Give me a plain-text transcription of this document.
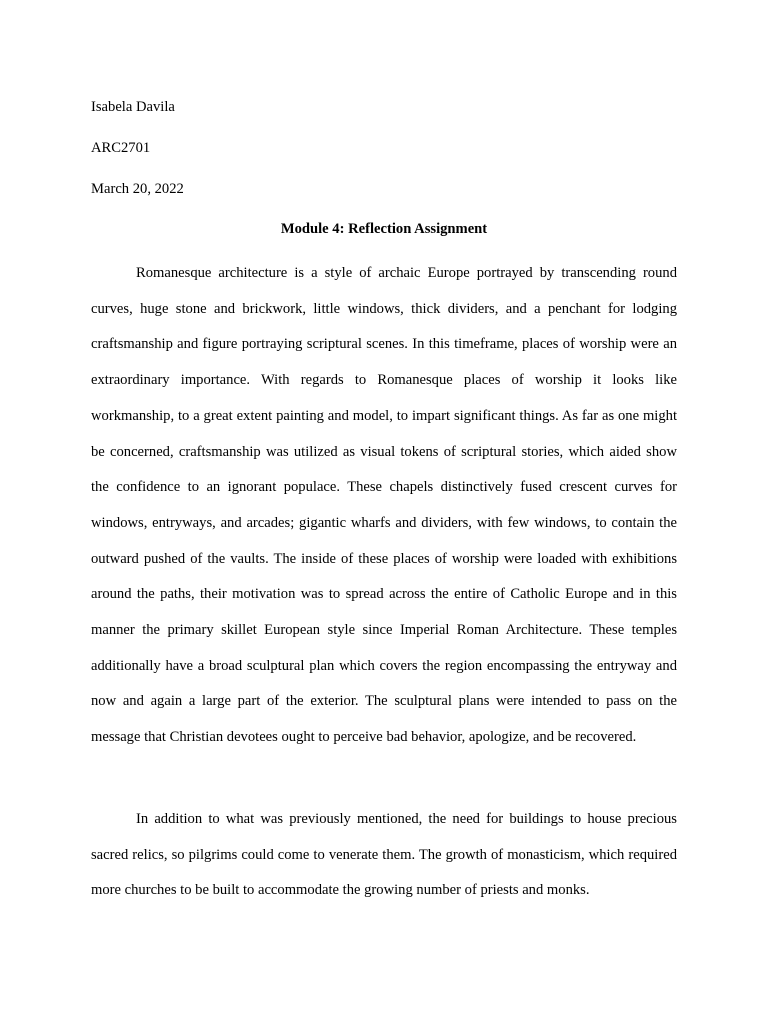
Isabela Davila
ARC2701
March 20, 2022
Module 4: Reflection Assignment

Romanesque architecture is a style of archaic Europe portrayed by transcending round curves, huge stone and brickwork, little windows, thick dividers, and a penchant for lodging craftsmanship and figure portraying scriptural scenes. In this timeframe, places of worship were an extraordinary importance. With regards to Romanesque places of worship it looks like workmanship, to a great extent painting and model, to impart significant things. As far as one might be concerned, craftsmanship was utilized as visual tokens of scriptural stories, which aided show the confidence to an ignorant populace. These chapels distinctively fused crescent curves for windows, entryways, and arcades; gigantic wharfs and dividers, with few windows, to contain the outward pushed of the vaults. The inside of these places of worship were loaded with exhibitions around the paths, their motivation was to spread across the entire of Catholic Europe and in this manner the primary skillet European style since Imperial Roman Architecture. These temples additionally have a broad sculptural plan which covers the region encompassing the entryway and now and again a large part of the exterior. The sculptural plans were intended to pass on the message that Christian devotees ought to perceive bad behavior, apologize, and be recovered.

In addition to what was previously mentioned, the need for buildings to house precious sacred relics, so pilgrims could come to venerate them. The growth of monasticism, which required more churches to be built to accommodate the growing number of priests and monks.
